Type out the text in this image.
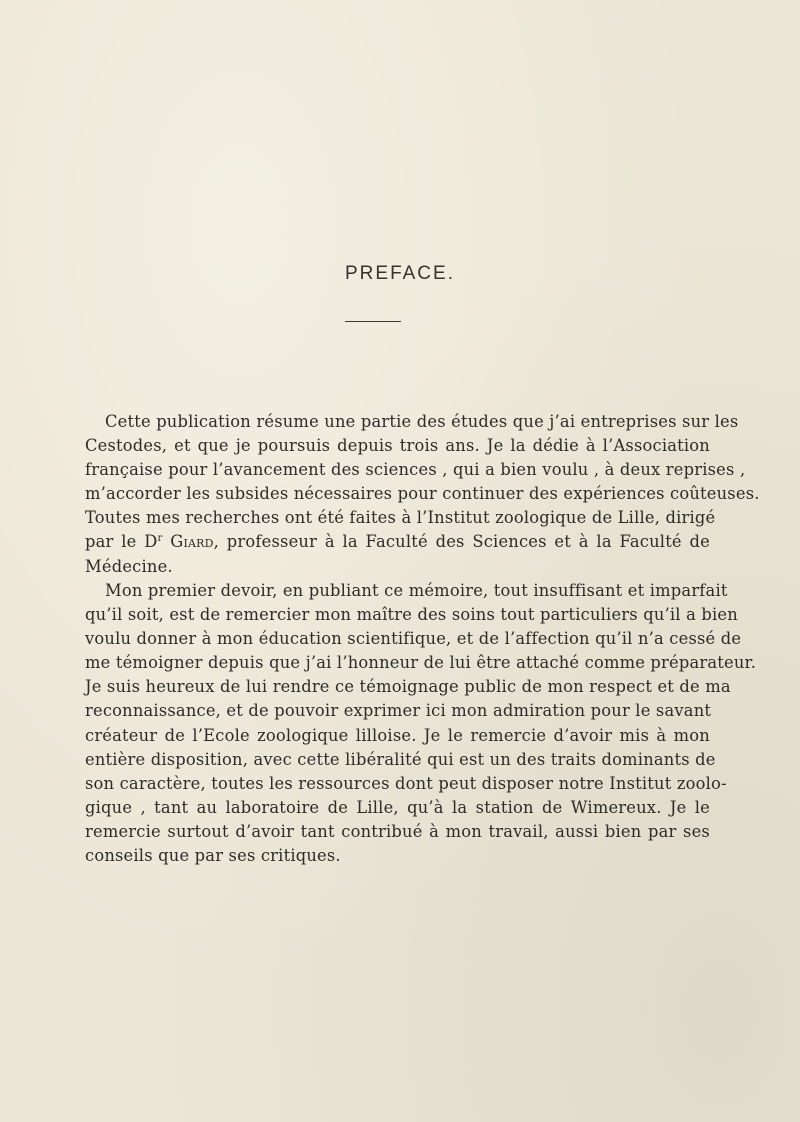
PREFACE.
Cette publication résume une partie des études que j’ai entreprises sur les
Cestodes, et que je poursuis depuis trois ans. Je la dédie à l’Association
française pour l’avancement des sciences , qui a bien voulu , à deux reprises ,
m’accorder les subsides nécessaires pour continuer des expériences coûteuses.
Toutes mes recherches ont été faites à l’Institut zoologique de Lille, dirigé
par le $D^r$ Giard, professeur à la Faculté des Sciences et à la Faculté de
Médecine.
Mon premier devoir, en publiant ce mémoire, tout insuffisant et imparfait
qu’il soit, est de remercier mon maître des soins tout particuliers qu’il a bien
voulu donner à mon éducation scientifique, et de l’affection qu’il n’a cessé de
me témoigner depuis que j’ai l’honneur de lui être attaché comme préparateur.
Je suis heureux de lui rendre ce témoignage public de mon respect et de ma
reconnaissance, et de pouvoir exprimer ici mon admiration pour le savant
créateur de l’Ecole zoologique lilloise. Je le remercie d’avoir mis à mon
entière disposition, avec cette libéralité qui est un des traits dominants de
son caractère, toutes les ressources dont peut disposer notre Institut zoolo-
gique , tant au laboratoire de Lille, qu’à la station de Wimereux. Je le
remercie surtout d’avoir tant contribué à mon travail, aussi bien par ses
conseils que par ses critiques.
